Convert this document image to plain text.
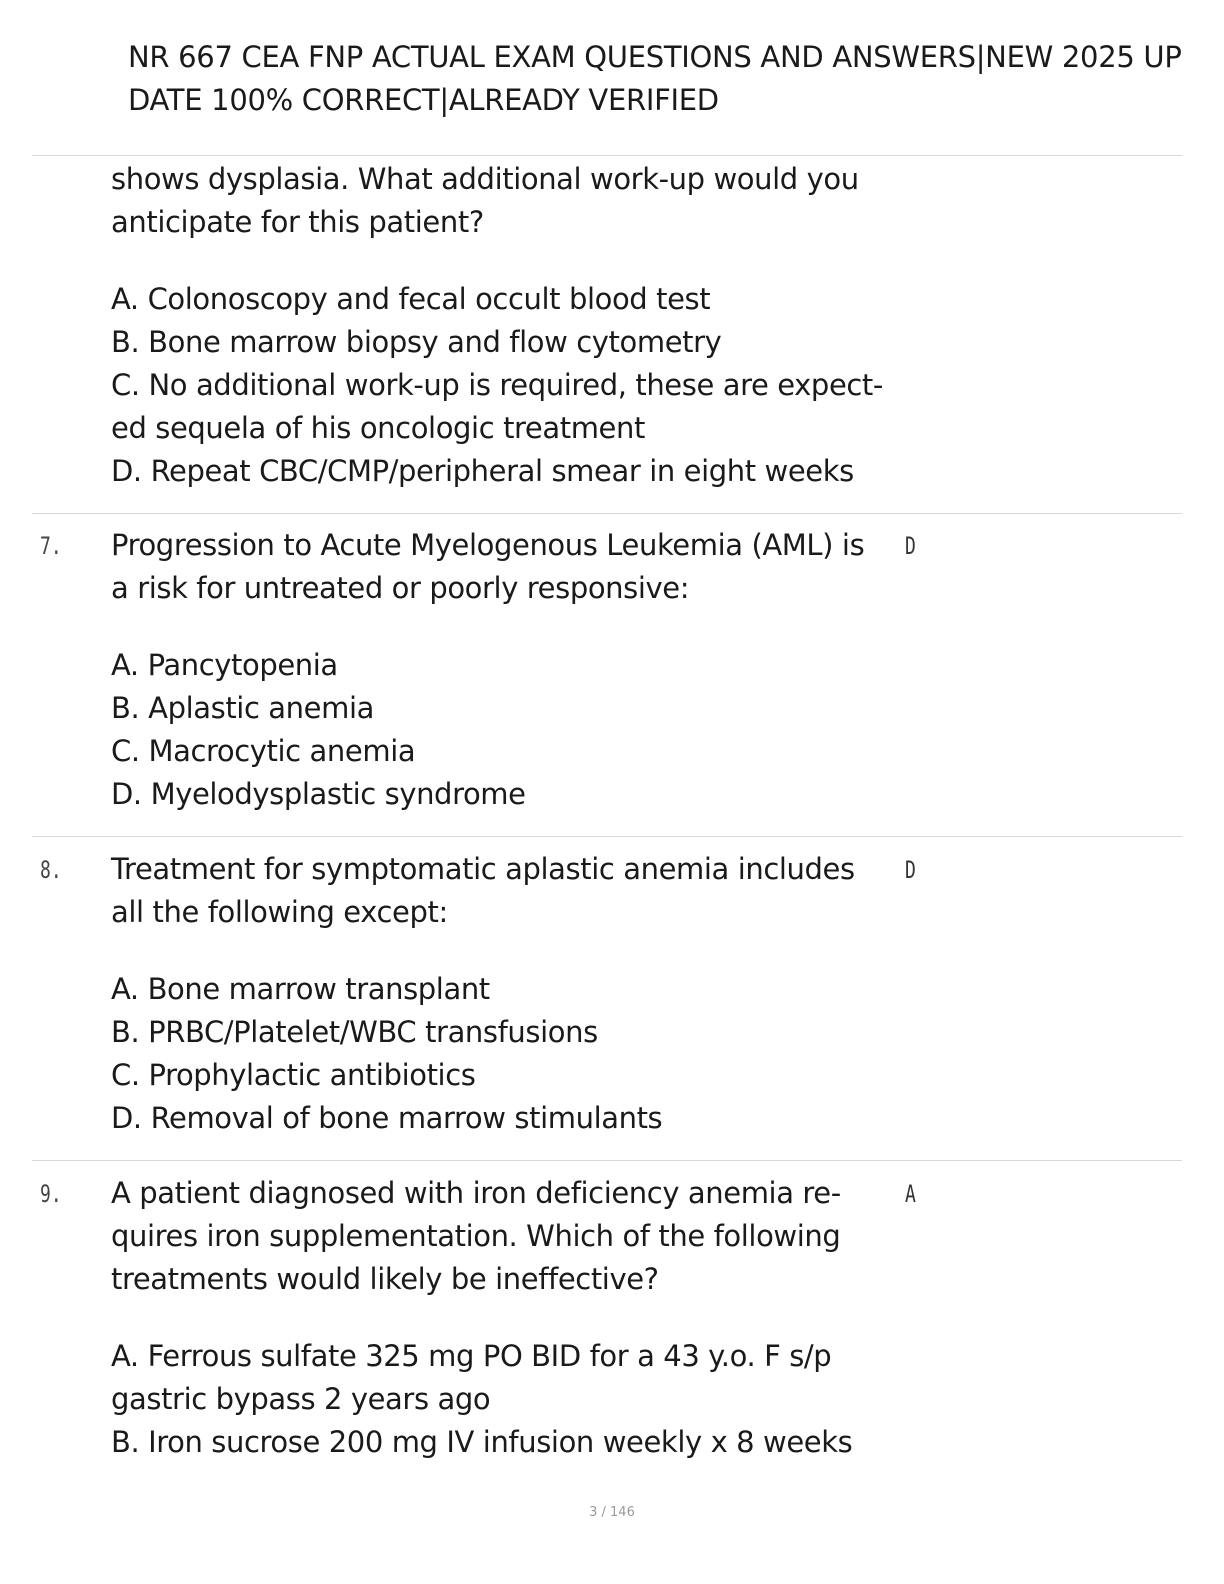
NR 667 CEA FNP ACTUAL EXAM QUESTIONS AND ANSWERS|NEW 2025 UP
DATE 100% CORRECT|ALREADY VERIFIED
shows dysplasia. What additional work-up would you
anticipate for this patient?
A. Colonoscopy and fecal occult blood test
B. Bone marrow biopsy and flow cytometry
C. No additional work-up is required, these are expect-
ed sequela of his oncologic treatment
D. Repeat CBC/CMP/peripheral smear in eight weeks
7. Progression to Acute Myelogenous Leukemia (AML) is
a risk for untreated or poorly responsive:
D
A. Pancytopenia
B. Aplastic anemia
C. Macrocytic anemia
D. Myelodysplastic syndrome
8. Treatment for symptomatic aplastic anemia includes
all the following except:
D
A. Bone marrow transplant
B. PRBC/Platelet/WBC transfusions
C. Prophylactic antibiotics
D. Removal of bone marrow stimulants
9. A patient diagnosed with iron deficiency anemia re-
quires iron supplementation. Which of the following
treatments would likely be ineffective?
A
A. Ferrous sulfate 325 mg PO BID for a 43 y.o. F s/p
gastric bypass 2 years ago
B. Iron sucrose 200 mg IV infusion weekly x 8 weeks
3 / 146
